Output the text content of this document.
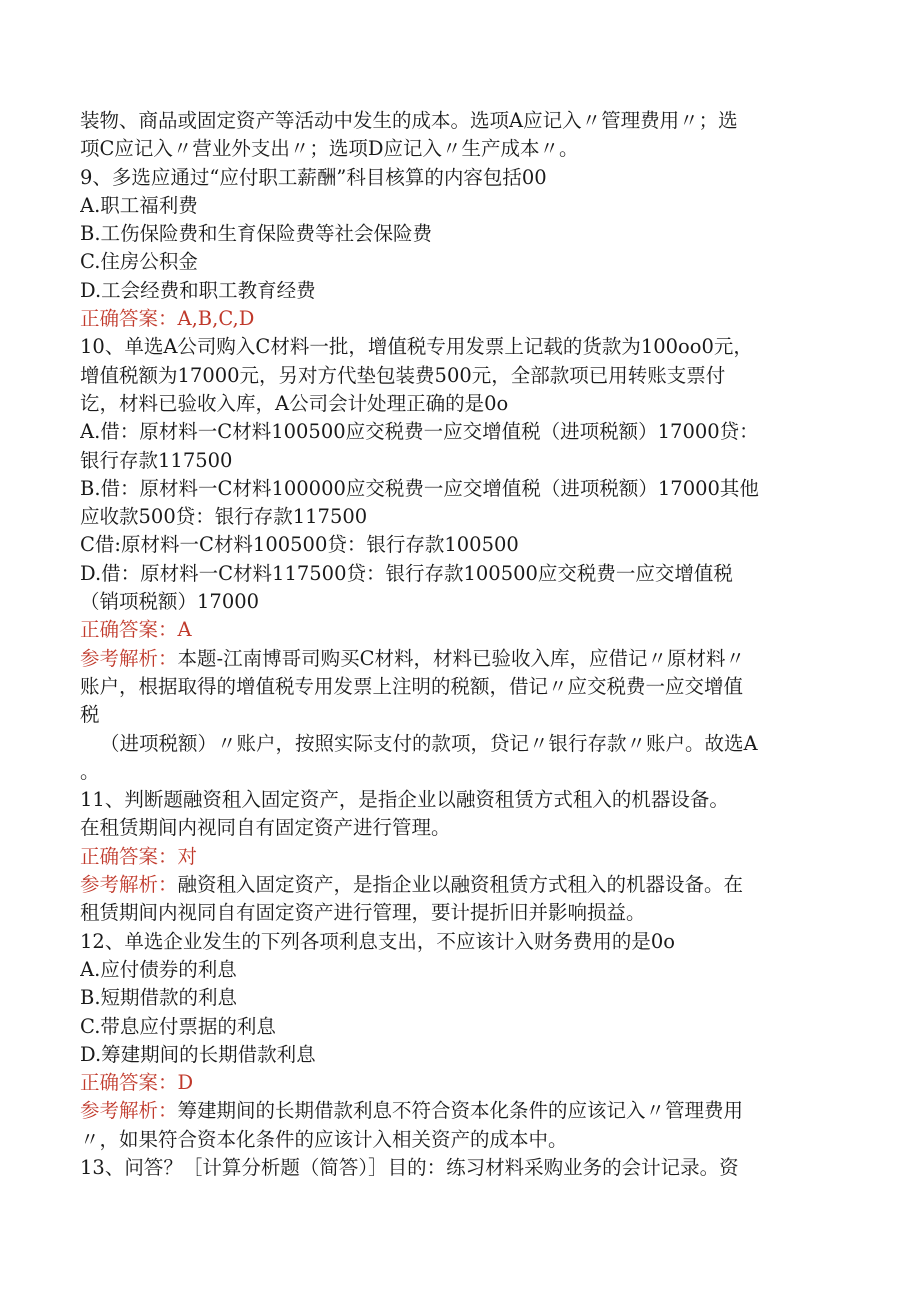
装物、商品或固定资产等活动中发生的成本。选项A应记入〃管理费用〃；选
项C应记入〃营业外支出〃；选项D应记入〃生产成本〃。
9、多选应通过“应付职工薪酬”科目核算的内容包括00
A.职工福利费
B.工伤保险费和生育保险费等社会保险费
C.住房公积金
D.工会经费和职工教育经费
正确答案：A,B,C,D
10、单选A公司购入C材料一批，增值税专用发票上记载的货款为100oo0元，
增值税额为17000元，另对方代垫包装费500元，全部款项已用转账支票付
讫，材料已验收入库，A公司会计处理正确的是0o
A.借：原材料一C材料100500应交税费一应交增值税（进项税额）17000贷：
银行存款117500
B.借：原材料一C材料100000应交税费一应交增值税（进项税额）17000其他
应收款500贷：银行存款117500
C借:原材料一C材料100500贷：银行存款100500
D.借：原材料一C材料117500贷：银行存款100500应交税费一应交增值税
（销项税额）17000
正确答案：A
参考解析：本题-江南博哥司购买C材料，材料已验收入库，应借记〃原材料〃
账户，根据取得的增值税专用发票上注明的税额，借记〃应交税费一应交增值
税
（进项税额）〃账户，按照实际支付的款项，贷记〃银行存款〃账户。故选A
。
11、判断题融资租入固定资产，是指企业以融资租赁方式租入的机器设备。
在租赁期间内视同自有固定资产进行管理。
正确答案：对
参考解析：融资租入固定资产，是指企业以融资租赁方式租入的机器设备。在
租赁期间内视同自有固定资产进行管理，要计提折旧并影响损益。
12、单选企业发生的下列各项利息支出，不应该计入财务费用的是0o
A.应付债券的利息
B.短期借款的利息
C.带息应付票据的利息
D.筹建期间的长期借款利息
正确答案：D
参考解析：筹建期间的长期借款利息不符合资本化条件的应该记入〃管理费用
〃，如果符合资本化条件的应该计入相关资产的成本中。
13、问答？［计算分析题（简答）］目的：练习材料采购业务的会计记录。资
